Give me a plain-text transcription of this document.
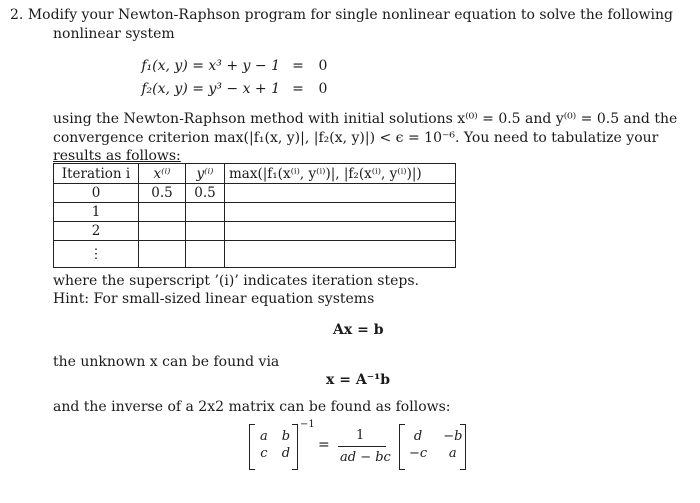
2. Modify your Newton-Raphson program for single nonlinear equation to solve the following
nonlinear system
f₁(x, y) = x³ + y − 1 = 0
f₂(x, y) = y³ − x + 1 = 0
using the Newton-Raphson method with initial solutions x⁽⁰⁾ = 0.5 and y⁽⁰⁾ = 0.5 and the
convergence criterion max(|f₁(x, y)|, |f₂(x, y)|) < ϵ = 10⁻⁶. You need to tabulatize your
results as follows:
Iteration i	x⁽ⁱ⁾	y⁽ⁱ⁾	max(|f₁(x⁽ⁱ⁾, y⁽ⁱ⁾)|, |f₂(x⁽ⁱ⁾, y⁽ⁱ⁾)|)
0	0.5	0.5	
1			
2			
⋮			
where the superscript ’(i)’ indicates iteration steps.
Hint: For small-sized linear equation systems
Ax = b
the unknown x can be found via
x = A⁻¹b
and the inverse of a 2x2 matrix can be found as follows:
a b
c d
−1
=
1
ad − bc
d	−b
−c	a
